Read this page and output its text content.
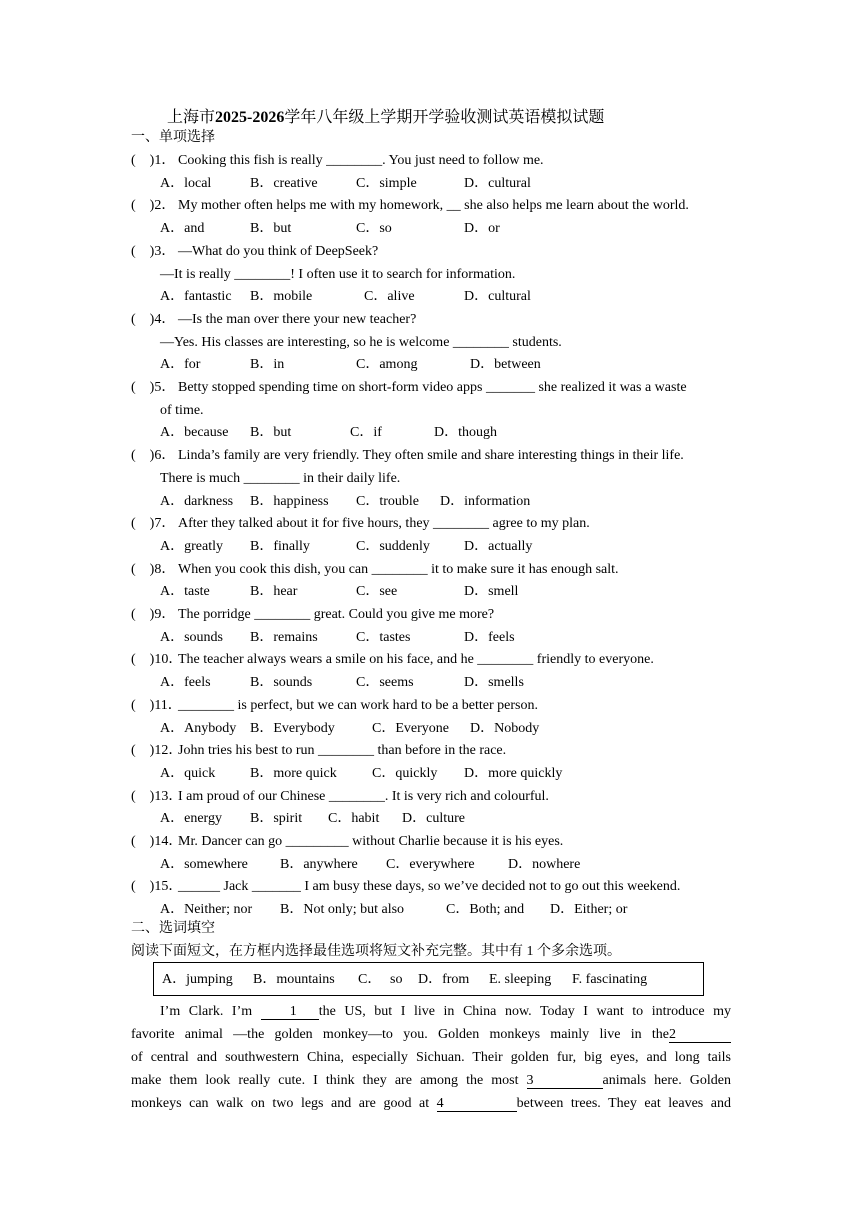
上海市2025-2026学年八年级上学期开学验收测试英语模拟试题
一、单项选择
(　)1． Cooking this fish is really ________. You just need to follow me.
A．local	B．creative	C．simple	D．cultural
(　)2． My mother often helps me with my homework, __ she also helps me learn about the world.
A．and	B．but	C．so	D．or
(　)3． —What do you think of DeepSeek?
—It is really ________! I often use it to search for information.
A．fantastic B．mobile	C．alive	D．cultural
(　)4． —Is the man over there your new teacher?
—Yes. His classes are interesting, so he is welcome ________ students.
A．for	B．in	C．among	D．between
(　)5． Betty stopped spending time on short-form video apps _______ she realized it was a waste
of time.
A．because B．but	C．if	D．though
(　)6． Linda’s family are very friendly. They often smile and share interesting things in their life.
There is much ________ in their daily life.
A．darkness B．happiness C．trouble D．information
(　)7． After they talked about it for five hours, they ________ agree to my plan.
A．greatly B．finally	C．suddenly D．actually
(　)8． When you cook this dish, you can ________ it to make sure it has enough salt.
A．taste	B．hear	C．see	D．smell
(　)9． The porridge ________ great. Could you give me more?
A．sounds B．remains	C．tastes	D．feels
(　)10．The teacher always wears a smile on his face, and he ________ friendly to everyone.
A．feels	B．sounds	C．seems	D．smells
(　)11．________ is perfect, but we can work hard to be a better person.
A．Anybody B．Everybody	C．Everyone D．Nobody
(　)12．John tries his best to run ________ than before in the race.
A．quick B．more quick	C．quickly D．more quickly
(　)13．I am proud of our Chinese ________. It is very rich and colourful.
A．energy B．spirit C．habit D．culture
(　)14．Mr. Dancer can go _________ without Charlie because it is his eyes.
A．somewhere B．anywhere C．everywhere D．nowhere
(　)15．______ Jack _______ I am busy these days, so we’ve decided not to go out this weekend.
A．Neither; nor B．Not only; but also	C．Both; and D．Either; or
二、选词填空
阅读下面短文，在方框内选择最佳选项将短文补充完整。其中有 1 个多余选项。
A．jumping B．mountains C． so D．from E. sleeping F. fascinating
I’m Clark. I’m	1 the US, but I live in China now. Today I want to introduce my
favorite animal —the golden monkey—to you. Golden monkeys mainly live in the2
of central and southwestern China, especially Sichuan. Their golden fur, big eyes, and long tails
make them look really cute. I think they are among the most 3	animals here. Golden
monkeys can walk on two legs and are good at 4	between trees. They eat leaves and
